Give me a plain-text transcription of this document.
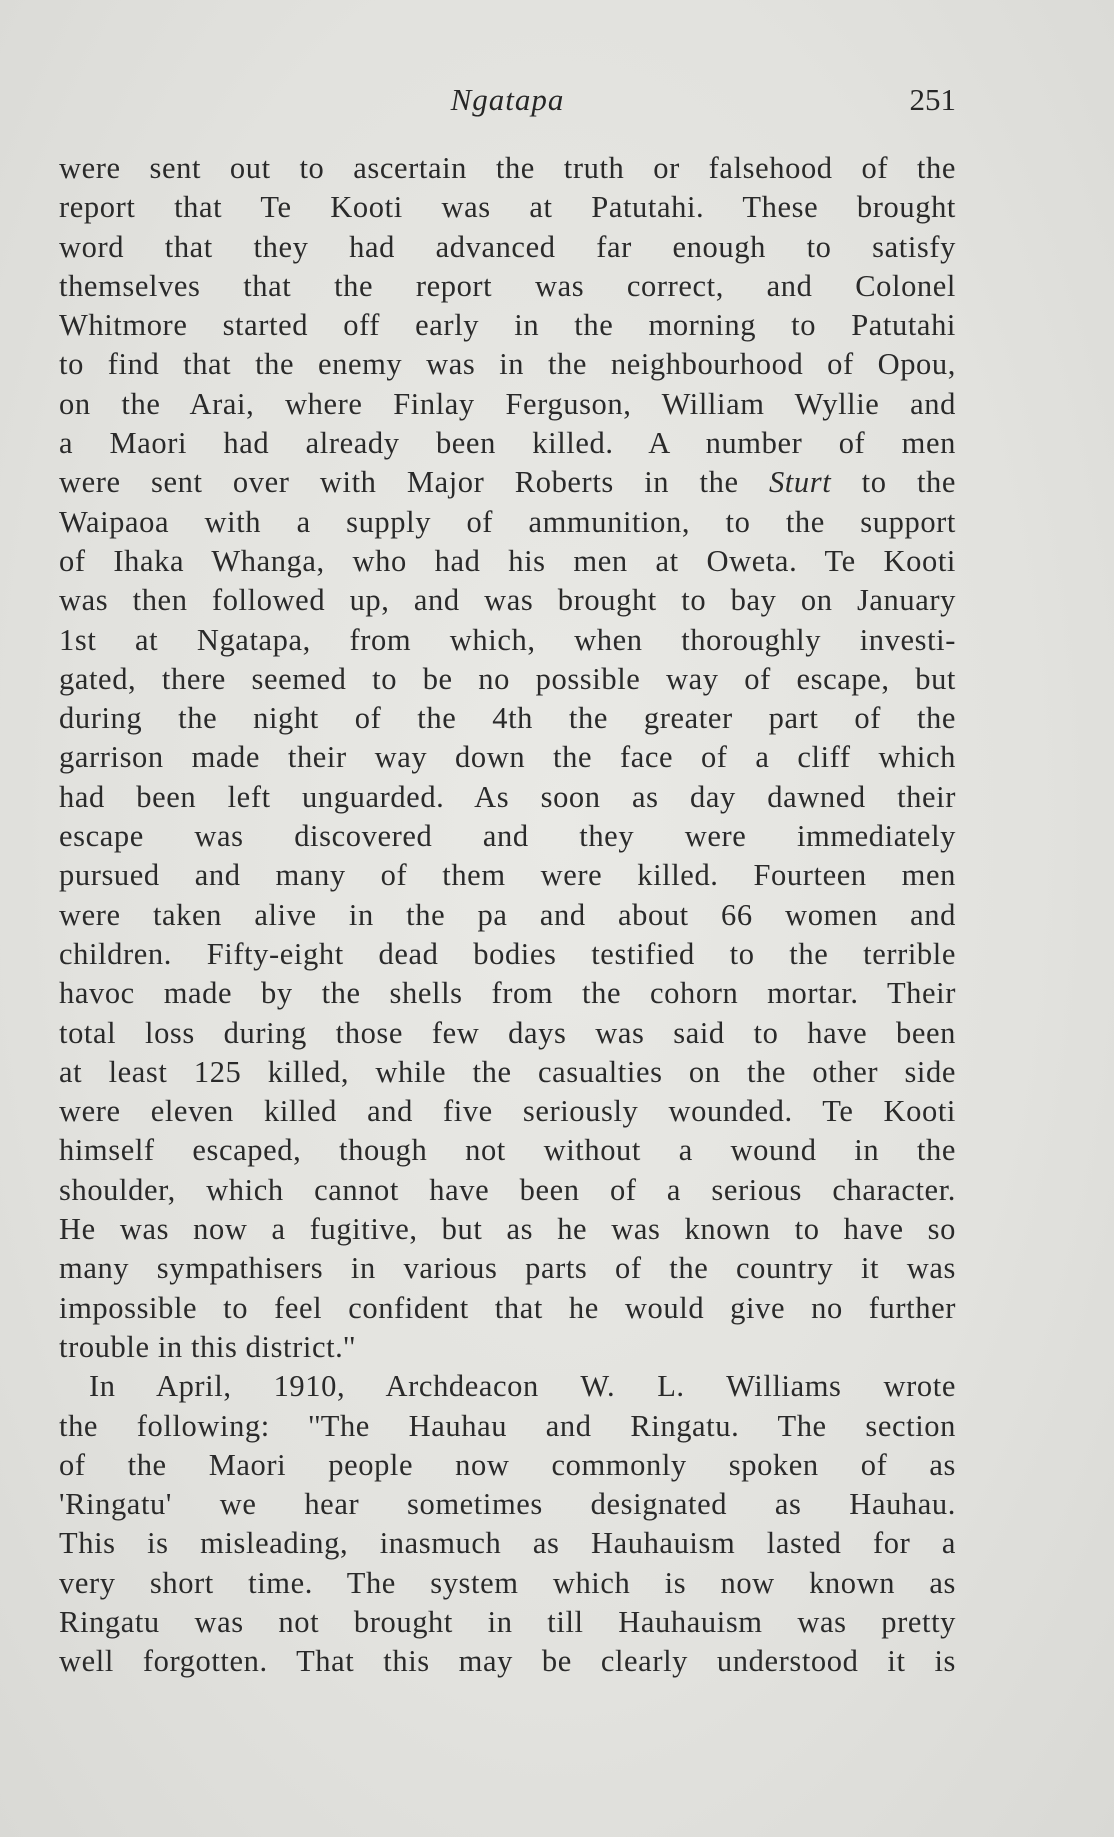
Ngatapa	251
were sent out to ascertain the truth or falsehood of the
report that Te Kooti was at Patutahi. These brought
word that they had advanced far enough to satisfy
themselves that the report was correct, and Colonel
Whitmore started off early in the morning to Patutahi
to find that the enemy was in the neighbourhood of Opou,
on the Arai, where Finlay Ferguson, William Wyllie and
a Maori had already been killed. A number of men
were sent over with Major Roberts in the Sturt to the
Waipaoa with a supply of ammunition, to the support
of Ihaka Whanga, who had his men at Oweta. Te Kooti
was then followed up, and was brought to bay on January
1st at Ngatapa, from which, when thoroughly investi-
gated, there seemed to be no possible way of escape, but
during the night of the 4th the greater part of the
garrison made their way down the face of a cliff which
had been left unguarded. As soon as day dawned their
escape was discovered and they were immediately
pursued and many of them were killed. Fourteen men
were taken alive in the pa and about 66 women and
children. Fifty-eight dead bodies testified to the terrible
havoc made by the shells from the cohorn mortar. Their
total loss during those few days was said to have been
at least 125 killed, while the casualties on the other side
were eleven killed and five seriously wounded. Te Kooti
himself escaped, though not without a wound in the
shoulder, which cannot have been of a serious character.
He was now a fugitive, but as he was known to have so
many sympathisers in various parts of the country it was
impossible to feel confident that he would give no further
trouble in this district.''
In April, 1910, Archdeacon W. L. Williams wrote
the following: ''The Hauhau and Ringatu. The section
of the Maori people now commonly spoken of as
'Ringatu' we hear sometimes designated as Hauhau.
This is misleading, inasmuch as Hauhauism lasted for a
very short time. The system which is now known as
Ringatu was not brought in till Hauhauism was pretty
well forgotten. That this may be clearly understood it is
